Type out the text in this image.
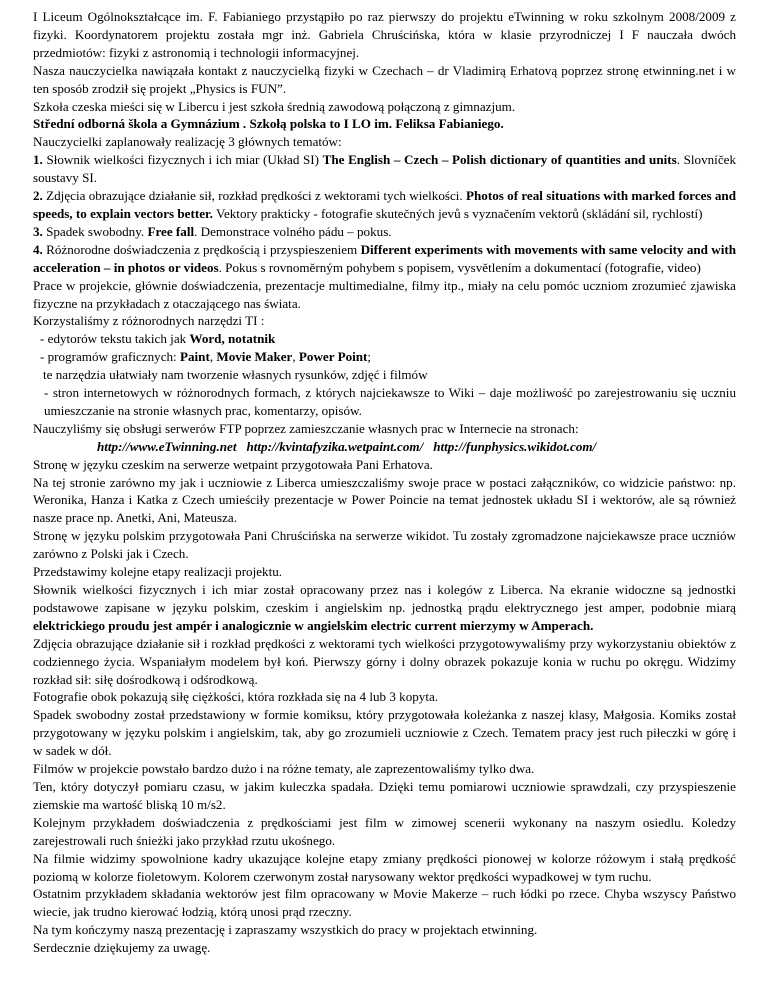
I Liceum Ogólnokształcące im. F. Fabianiego przystąpiło po raz pierwszy do projektu eTwinning w roku szkolnym 2008/2009 z fizyki. Koordynatorem projektu została mgr inż. Gabriela Chruścińska, która w klasie przyrodniczej I F nauczała dwóch przedmiotów: fizyki z astronomią i technologii informacyjnej.

Nasza nauczycielka nawiązała kontakt z nauczycielką fizyki w Czechach – dr Vladimirą Erhatovą poprzez stronę etwinning.net i w ten sposób zrodził się projekt „Physics is FUN”.

Szkoła czeska mieści się w Libercu i jest szkoła średnią zawodową połączoną z gimnazjum.

Střední odborná škola a Gymnázium . Szkołą polska to I LO im. Feliksa Fabianiego.

Nauczycielki zaplanowały realizację 3 głównych tematów:

1. Słownik wielkości fizycznych i ich miar (Układ SI) The English – Czech – Polish dictionary of quantities and units. Slovníček soustavy SI.

2. Zdjęcia obrazujące działanie sił, rozkład prędkości z wektorami tych wielkości. Photos of real situations with marked forces and speeds, to explain vectors better. Vektory prakticky - fotografie skutečných jevů s vyznačením vektorů (skládání sil, rychlostí)

3. Spadek swobodny. Free fall. Demonstrace volného pádu – pokus.

4. Różnorodne doświadczenia z prędkością i przyspieszeniem Different experiments with movements with same velocity and with acceleration – in photos or videos. Pokus s rovnoměrným pohybem s popisem, vysvětlením a dokumentací (fotografie, video)

Prace w projekcie, głównie doświadczenia, prezentacje multimedialne, filmy itp., miały na celu pomóc uczniom zrozumieć zjawiska fizyczne na przykładach z otaczającego nas świata.

Korzystaliśmy z różnorodnych narzędzi TI :

- edytorów tekstu takich jak Word, notatnik

- programów graficznych: Paint, Movie Maker, Power Point;

te narzędzia ułatwiały nam tworzenie własnych rysunków, zdjęć i filmów

- stron internetowych w różnorodnych formach, z których najciekawsze to Wiki – daje możliwość po zarejestrowaniu się uczniu umieszczanie na stronie własnych prac, komentarzy, opisów.

Nauczyliśmy się obsługi serwerów FTP poprzez zamieszczanie własnych prac w Internecie na stronach:

http://www.eTwinning.net http://kvintafyzika.wetpaint.com/ http://funphysics.wikidot.com/

Stronę w języku czeskim na serwerze wetpaint przygotowała Pani Erhatova.

Na tej stronie zarówno my jak i uczniowie z Liberca umieszczaliśmy swoje prace w postaci załączników, co widzicie państwo: np. Weronika, Hanza i Katka z Czech umieściły prezentacje w Power Poincie na temat jednostek układu SI i wektorów, ale są również nasze prace np. Anetki, Ani, Mateusza.

Stronę w języku polskim przygotowała Pani Chruścińska na serwerze wikidot. Tu zostały zgromadzone najciekawsze prace uczniów zarówno z Polski jak i Czech.

Przedstawimy kolejne etapy realizacji projektu.

Słownik wielkości fizycznych i ich miar został opracowany przez nas i kolegów z Liberca. Na ekranie widoczne są jednostki podstawowe zapisane w języku polskim, czeskim i angielskim np. jednostką prądu elektrycznego jest amper, podobnie miarą elektrickiego proudu jest ampér i analogicznie w angielskim electric current mierzymy w Amperach.

Zdjęcia obrazujące działanie sił i rozkład prędkości z wektorami tych wielkości przygotowywaliśmy przy wykorzystaniu obiektów z codziennego życia. Wspaniałym modelem był koń. Pierwszy górny i dolny obrazek pokazuje konia w ruchu po okręgu. Widzimy rozkład sił: siłę dośrodkową i odśrodkową.

Fotografie obok pokazują siłę ciężkości, która rozkłada się na 4 lub 3 kopyta.

Spadek swobodny został przedstawiony w formie komiksu, który przygotowała koleżanka z naszej klasy, Małgosia. Komiks został przygotowany w języku polskim i angielskim, tak, aby go zrozumieli uczniowie z Czech. Tematem pracy jest ruch piłeczki w górę i w sadek w dół.

Filmów w projekcie powstało bardzo dużo i na różne tematy, ale zaprezentowaliśmy tylko dwa.

Ten, który dotyczył pomiaru czasu, w jakim kuleczka spadała. Dzięki temu pomiarowi uczniowie sprawdzali, czy przyspieszenie ziemskie ma wartość bliską 10 m/s2.

Kolejnym przykładem doświadczenia z prędkościami jest film w zimowej scenerii wykonany na naszym osiedlu. Koledzy zarejestrowali ruch śnieżki jako przykład rzutu ukośnego.

Na filmie widzimy spowolnione kadry ukazujące kolejne etapy zmiany prędkości pionowej w kolorze różowym i stałą prędkość poziomą w kolorze fioletowym. Kolorem czerwonym został narysowany wektor prędkości wypadkowej w tym ruchu.

Ostatnim przykładem składania wektorów jest film opracowany w Movie Makerze – ruch łódki po rzece. Chyba wszyscy Państwo wiecie, jak trudno kierować łodzią, którą unosi prąd rzeczny.

Na tym kończymy naszą prezentację i zapraszamy wszystkich do pracy w projektach etwinning.

Serdecznie dziękujemy za uwagę.
